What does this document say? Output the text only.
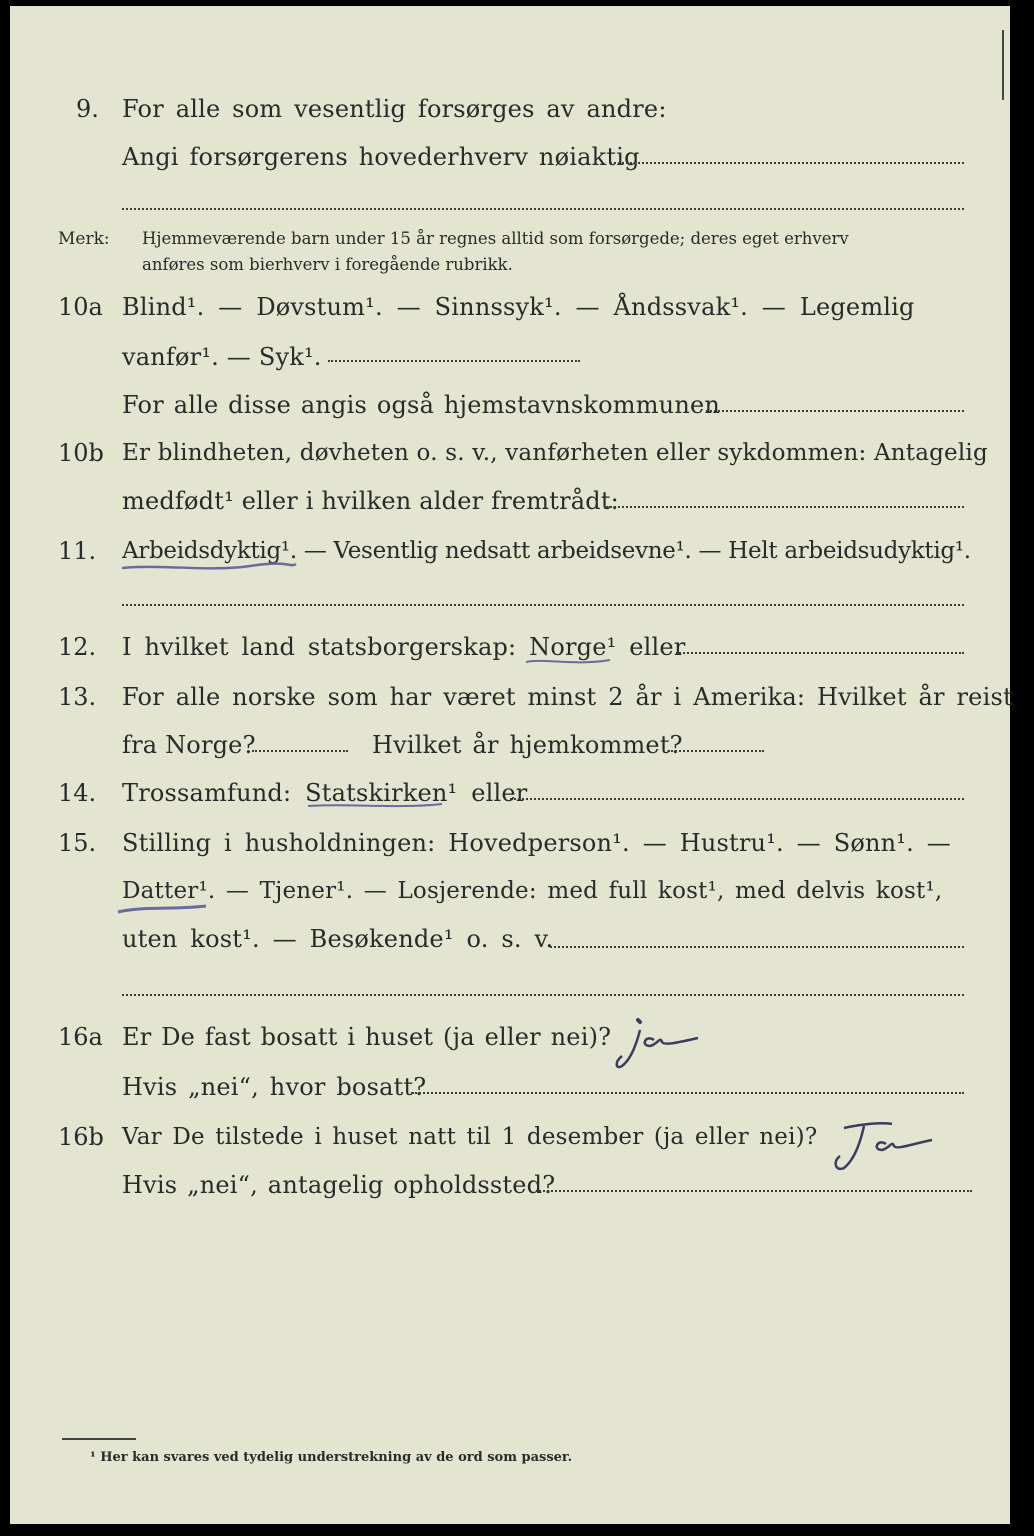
9. For alle som vesentlig forsørges av andre:
Angi forsørgerens hovederhverv nøiaktig
Merk: Hjemmeværende barn under 15 år regnes alltid som forsørgede; deres eget erhverv
anføres som bierhverv i foregående rubrikk.
10a Blind¹. — Døvstum¹. — Sinnssyk¹. — Åndssvak¹. — Legemlig
vanfør¹. — Syk¹.
For alle disse angis også hjemstavnskommunen
10b Er blindheten, døvheten o. s. v., vanførheten eller sykdommen: Antagelig
medfødt¹ eller i hvilken alder fremtrådt:
11. Arbeidsdyktig¹. — Vesentlig nedsatt arbeidsevne¹. — Helt arbeidsudyktig¹.
12. I hvilket land statsborgerskap: Norge¹ eller
13. For alle norske som har været minst 2 år i Amerika: Hvilket år reist
fra Norge?	Hvilket år hjemkommet?
14. Trossamfund: Statskirken¹ eller
15. Stilling i husholdningen: Hovedperson¹. — Hustru¹. — Sønn¹. —
Datter¹. — Tjener¹. — Losjerende: med full kost¹, med delvis kost¹,
uten kost¹. — Besøkende¹ o. s. v.
16a Er De fast bosatt i huset (ja eller nei)?
ja
Hvis „nei“, hvor bosatt?
16b Var De tilstede i huset natt til 1 desember (ja eller nei)?
Ja
Hvis „nei“, antagelig opholdssted?
¹ Her kan svares ved tydelig understrekning av de ord som passer.
